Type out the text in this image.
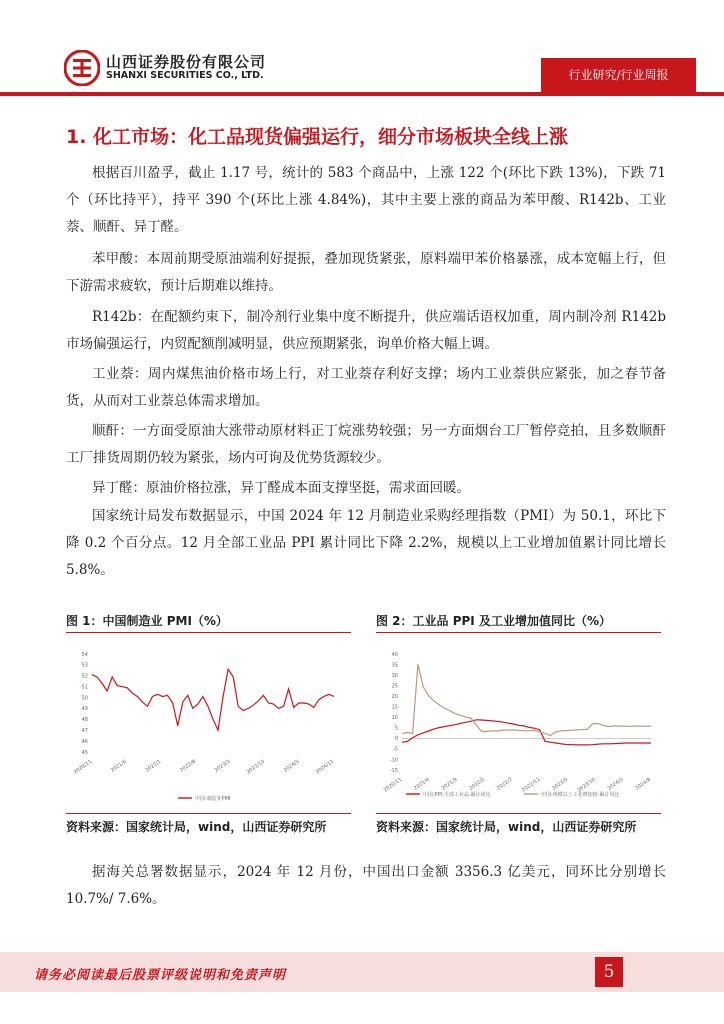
山西证券股份有限公司
SHANXI SECURITIES CO., LTD.	行业研究/行业周报
1. 化工市场：化工品现货偏强运行，细分市场板块全线上涨
根据百川盈孚，截止 1.17 号，统计的 583 个商品中，上涨 122 个(环比下跌 13%)，下跌 71 个（环比持平），持平 390 个(环比上涨 4.84%)，其中主要上涨的商品为苯甲酸、R142b、工业萘、顺酐、异丁醛。
苯甲酸：本周前期受原油端利好提振，叠加现货紧张，原料端甲苯价格暴涨，成本宽幅上行，但下游需求疲软，预计后期难以维持。
R142b：在配额约束下，制冷剂行业集中度不断提升，供应端话语权加重，周内制冷剂 R142b 市场偏强运行，内贸配额削减明显，供应预期紧张，询单价格大幅上调。
工业萘：周内煤焦油价格市场上行，对工业萘存利好支撑；场内工业萘供应紧张，加之春节备货，从而对工业萘总体需求增加。
顺酐：一方面受原油大涨带动原材料正丁烷涨势较强；另一方面烟台工厂暂停竞拍，且多数顺酐工厂排货周期仍较为紧张，场内可询及优势货源较少。
异丁醛：原油价格拉涨，异丁醛成本面支撑坚挺，需求面回暖。
国家统计局发布数据显示，中国 2024 年 12 月制造业采购经理指数（PMI）为 50.1，环比下降 0.2 个百分点。12 月全部工业品 PPI 累计同比下降 2.2%，规模以上工业增加值累计同比增长 5.8%。
图 1：中国制造业 PMI（%）
54
53
52
51
50
49
48
47
46
45
2020/11	2021/6	2022/1	2022/8	2023/3	2023/10	2024/5	2024/12
中国:制造业PMI
资料来源：国家统计局，wind，山西证券研究所
图 2：工业品 PPI 及工业增加值同比（%）
40
35
30
25
20
15
10
5
0
-5
-10
-15
2020/11 2021/4 2021/9 2022/2 2022/7 2022/12 2023/5 2023/10 2024/3 2024/8
中国:PPI:全部工业品:累计同比	中国:规模以上工业增加值:累计同比
资料来源：国家统计局，wind，山西证券研究所
据海关总署数据显示，2024 年 12 月份，中国出口金额 3356.3 亿美元，同环比分别增长 10.7%/ 7.6%。
请务必阅读最后股票评级说明和免责声明	5
